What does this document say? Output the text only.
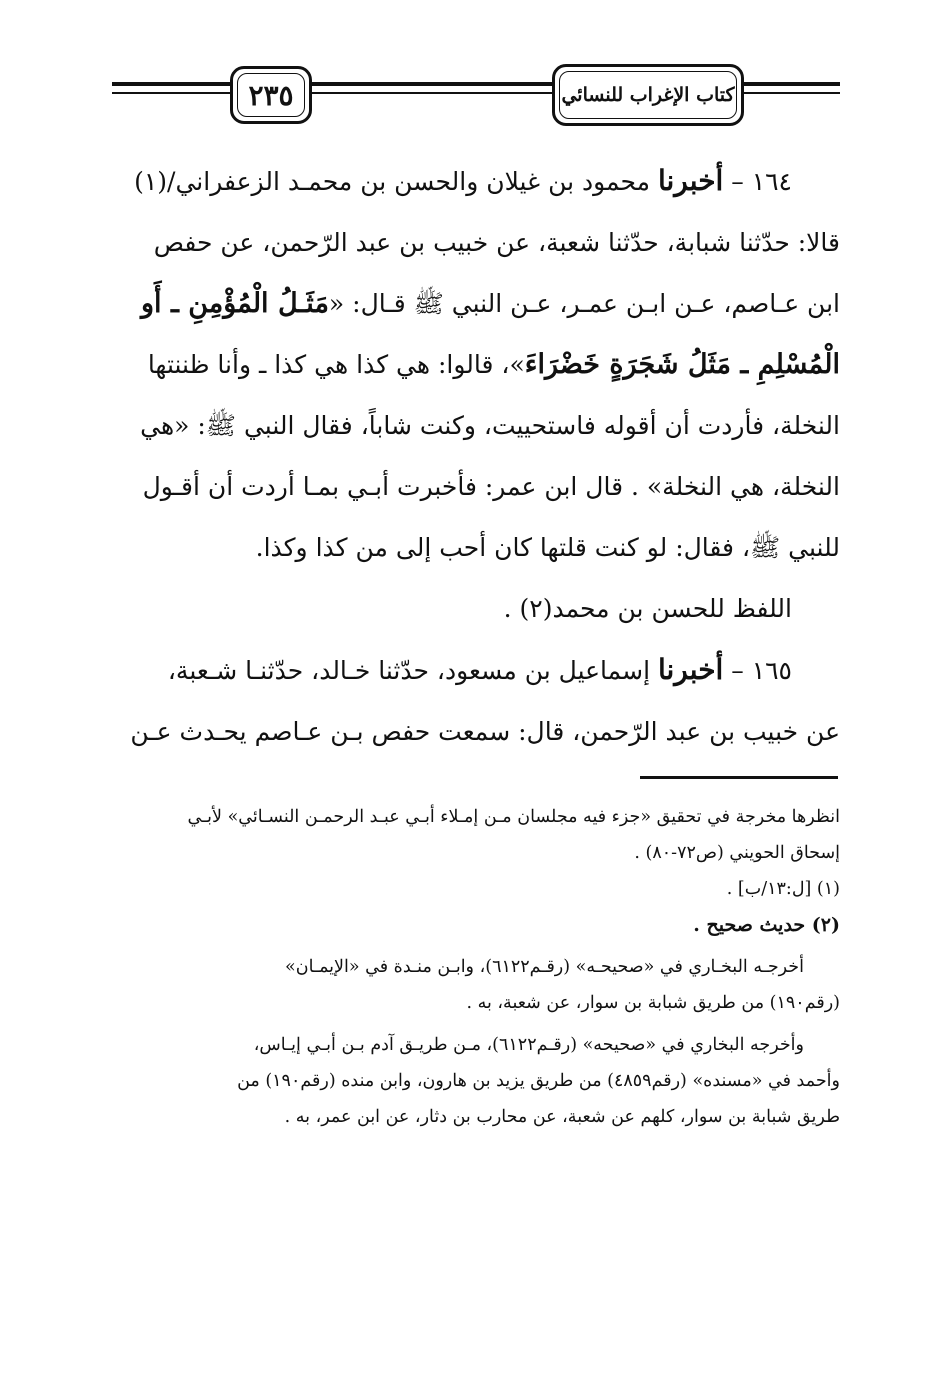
٢٣٥	كتاب الإغراب للنسائي

١٦٤ – أخبرنا محمود بن غيلان والحسن بن محمـد الزعفراني/(١)

قالا: حدّثنا شبابة، حدّثنا شعبة، عن خبيب بن عبد الرّحمن، عن حفص

ابن عـاصم، عـن ابـن عمـر، عـن النبي ﷺ قـال: «مَثَـلُ الْمُؤْمِنِ ـ أَو

الْمُسْلِمِ ـ مَثَلُ شَجَرَةٍ خَضْرَاءَ»، قالوا: هي كذا هي كذا ـ وأنا ظننتها

النخلة، فأردت أن أقوله فاستحييت، وكنت شاباً، فقال النبي ﷺ: «هي

النخلة، هي النخلة» . قال ابن عمر: فأخبرت أبـي بمـا أردت أن أقـول

للنبي ﷺ، فقال: لو كنت قلتها كان أحب إلى من كذا وكذا.

اللفظ للحسن بن محمد(٢) .

١٦٥ – أخبرنا إسماعيل بن مسعود، حدّثنا خـالد، حدّثنـا شـعبة،

عن خبيب بن عبد الرّحمن، قال: سمعت حفص بـن عـاصم يحـدث عـن

انظرها مخرجة في تحقيق «جزء فيه مجلسان مـن إمـلاء أبـي عبـد الرحمـن النسـائي» لأبـي

إسحاق الحويني (ص٧٢-٨٠) .

(١) [ل:١٣/ب] .

(٢) حديث صحيح .

أخرجـه البخـاري في «صحيحـه» (رقـم٦١٢٢)، وابـن منـدة في «الإيمـان»

(رقم١٩٠) من طريق شبابة بن سوار، عن شعبة، به .

وأخرجه البخاري في «صحيحه» (رقـم٦١٢٢)، مـن طريـق آدم بـن أبـي إيـاس،

وأحمد في «مسنده» (رقم٤٨٥٩) من طريق يزيد بن هارون، وابن منده (رقم١٩٠) من

طريق شبابة بن سوار، كلهم عن شعبة، عن محارب بن دثار، عن ابن عمر، به .
